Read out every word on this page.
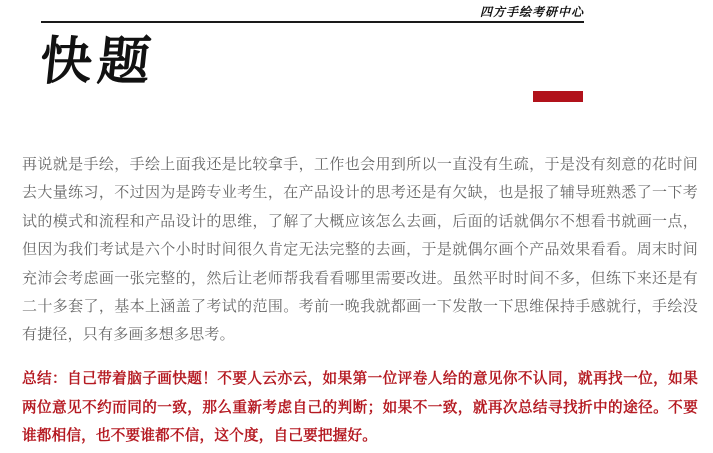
四方手绘考研中心
快题
再说就是手绘，手绘上面我还是比较拿手，工作也会用到所以一直没有生疏，于是没有刻意的花时间去大量练习，不过因为是跨专业考生，在产品设计的思考还是有欠缺，也是报了辅导班熟悉了一下考试的模式和流程和产品设计的思维，了解了大概应该怎么去画，后面的话就偶尔不想看书就画一点，但因为我们考试是六个小时时间很久肯定无法完整的去画，于是就偶尔画个产品效果看看。周末时间充沛会考虑画一张完整的，然后让老师帮我看看哪里需要改进。虽然平时时间不多，但练下来还是有二十多套了，基本上涵盖了考试的范围。考前一晚我就都画一下发散一下思维保持手感就行，手绘没有捷径，只有多画多想多思考。
总结：自己带着脑子画快题！不要人云亦云，如果第一位评卷人给的意见你不认同，就再找一位，如果两位意见不约而同的一致，那么重新考虑自己的判断；如果不一致，就再次总结寻找折中的途径。不要谁都相信，也不要谁都不信，这个度，自己要把握好。
